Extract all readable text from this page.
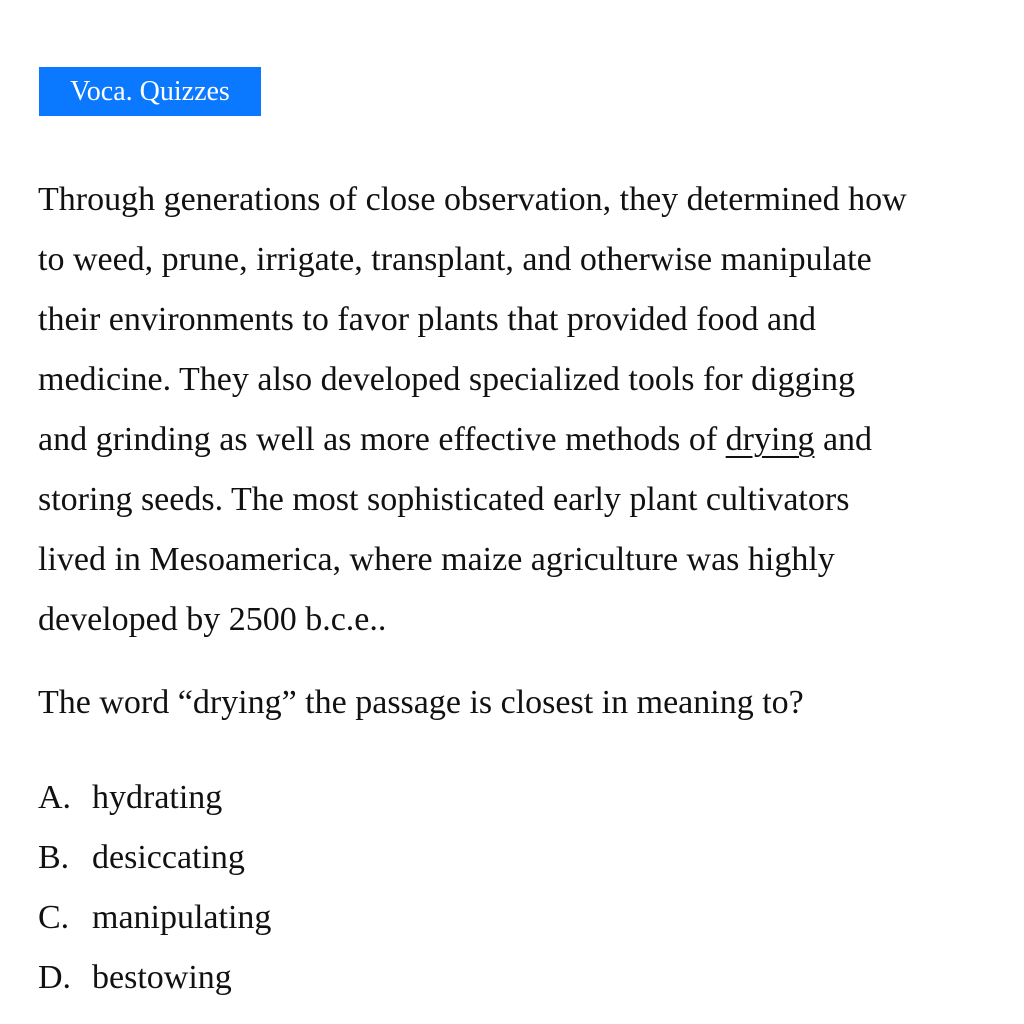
Voca. Quizzes

Through generations of close observation, they determined how
to weed, prune, irrigate, transplant, and otherwise manipulate
their environments to favor plants that provided food and
medicine. They also developed specialized tools for digging
and grinding as well as more effective methods of drying and
storing seeds. The most sophisticated early plant cultivators
lived in Mesoamerica, where maize agriculture was highly
developed by 2500 b.c.e..

The word “drying” the passage is closest in meaning to?

A. hydrating
B. desiccating
C. manipulating
D. bestowing
